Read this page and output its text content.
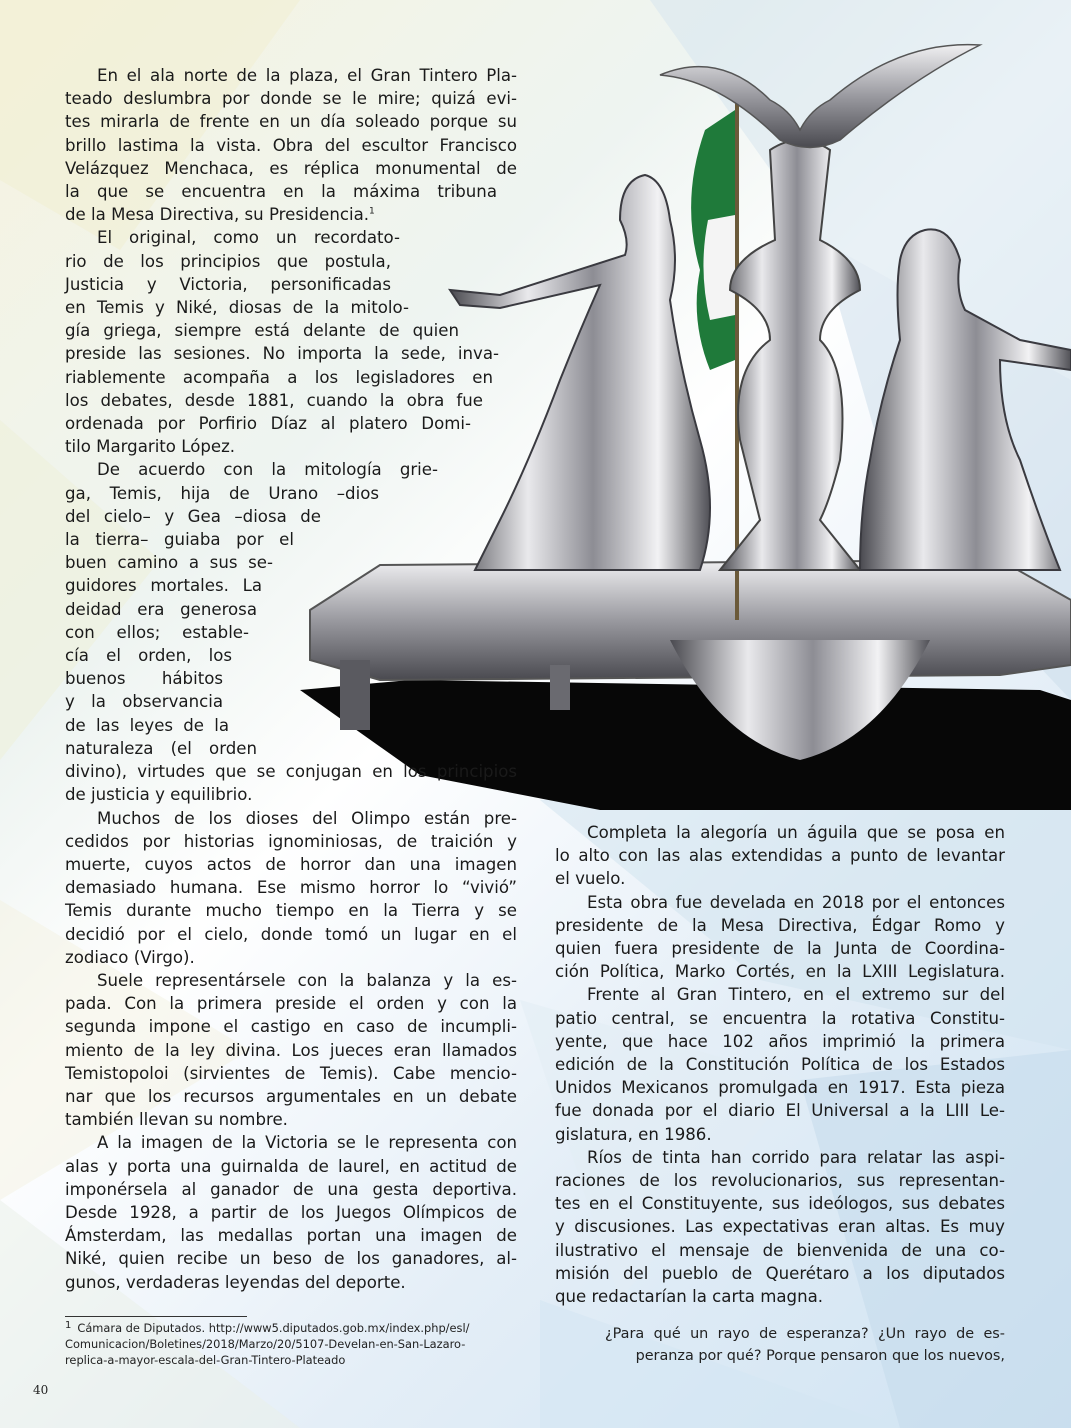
En el ala norte de la plaza, el Gran Tintero Pla-
teado deslumbra por donde se le mire; quizá evi-
tes mirarla de frente en un día soleado porque su
brillo lastima la vista. Obra del escultor Francisco
Velázquez Menchaca, es réplica monumental de
la que se encuentra en la máxima tribuna
de la Mesa Directiva, su Presidencia.$^1$

El original, como un recordato-
rio de los principios que postula,
Justicia y Victoria, personificadas
en Temis y Niké, diosas de la mitolo-
gía griega, siempre está delante de quien
preside las sesiones. No importa la sede, inva-
riablemente acompaña a los legisladores en
los debates, desde 1881, cuando la obra fue
ordenada por Porfirio Díaz al platero Domi-
tilo Margarito López.

De acuerdo con la mitología grie-
ga, Temis, hija de Urano –dios
del cielo– y Gea –diosa de
la tierra– guiaba por el
buen camino a sus se-
guidores mortales. La
deidad era generosa
con ellos; estable-
cía el orden, los
buenos hábitos
y la observancia
de las leyes de la
naturaleza (el orden
divino), virtudes que se conjugan en los principios
de justicia y equilibrio.

Muchos de los dioses del Olimpo están pre-
cedidos por historias ignominiosas, de traición y
muerte, cuyos actos de horror dan una imagen
demasiado humana. Ese mismo horror lo “vivió”
Temis durante mucho tiempo en la Tierra y se
decidió por el cielo, donde tomó un lugar en el
zodiaco (Virgo).

Suele representársele con la balanza y la es-
pada. Con la primera preside el orden y con la
segunda impone el castigo en caso de incumpli-
miento de la ley divina. Los jueces eran llamados
Temistopoloi (sirvientes de Temis). Cabe mencio-
nar que los recursos argumentales en un debate
también llevan su nombre.

A la imagen de la Victoria se le representa con
alas y porta una guirnalda de laurel, en actitud de
imponérsela al ganador de una gesta deportiva.
Desde 1928, a partir de los Juegos Olímpicos de
Ámsterdam, las medallas portan una imagen de
Niké, quien recibe un beso de los ganadores, al-
gunos, verdaderas leyendas del deporte.

Completa la alegoría un águila que se posa en
lo alto con las alas extendidas a punto de levantar
el vuelo.

Esta obra fue develada en 2018 por el entonces
presidente de la Mesa Directiva, Édgar Romo y
quien fuera presidente de la Junta de Coordina-
ción Política, Marko Cortés, en la LXIII Legislatura.

Frente al Gran Tintero, en el extremo sur del
patio central, se encuentra la rotativa Constitu-
yente, que hace 102 años imprimió la primera
edición de la Constitución Política de los Estados
Unidos Mexicanos promulgada en 1917. Esta pieza
fue donada por el diario El Universal a la LIII Le-
gislatura, en 1986.

Ríos de tinta han corrido para relatar las aspi-
raciones de los revolucionarios, sus representan-
tes en el Constituyente, sus ideólogos, sus debates
y discusiones. Las expectativas eran altas. Es muy
ilustrativo el mensaje de bienvenida de una co-
misión del pueblo de Querétaro a los diputados
que redactarían la carta magna.

¿Para qué un rayo de esperanza? ¿Un rayo de es-

peranza por qué? Porque pensaron que los nuevos,

1 Cámara de Diputados. http://www5.diputados.gob.mx/index.php/esl/
Comunicacion/Boletines/2018/Marzo/20/5107-Develan-en-San-Lazaro-
replica-a-mayor-escala-del-Gran-Tintero-Plateado
40
